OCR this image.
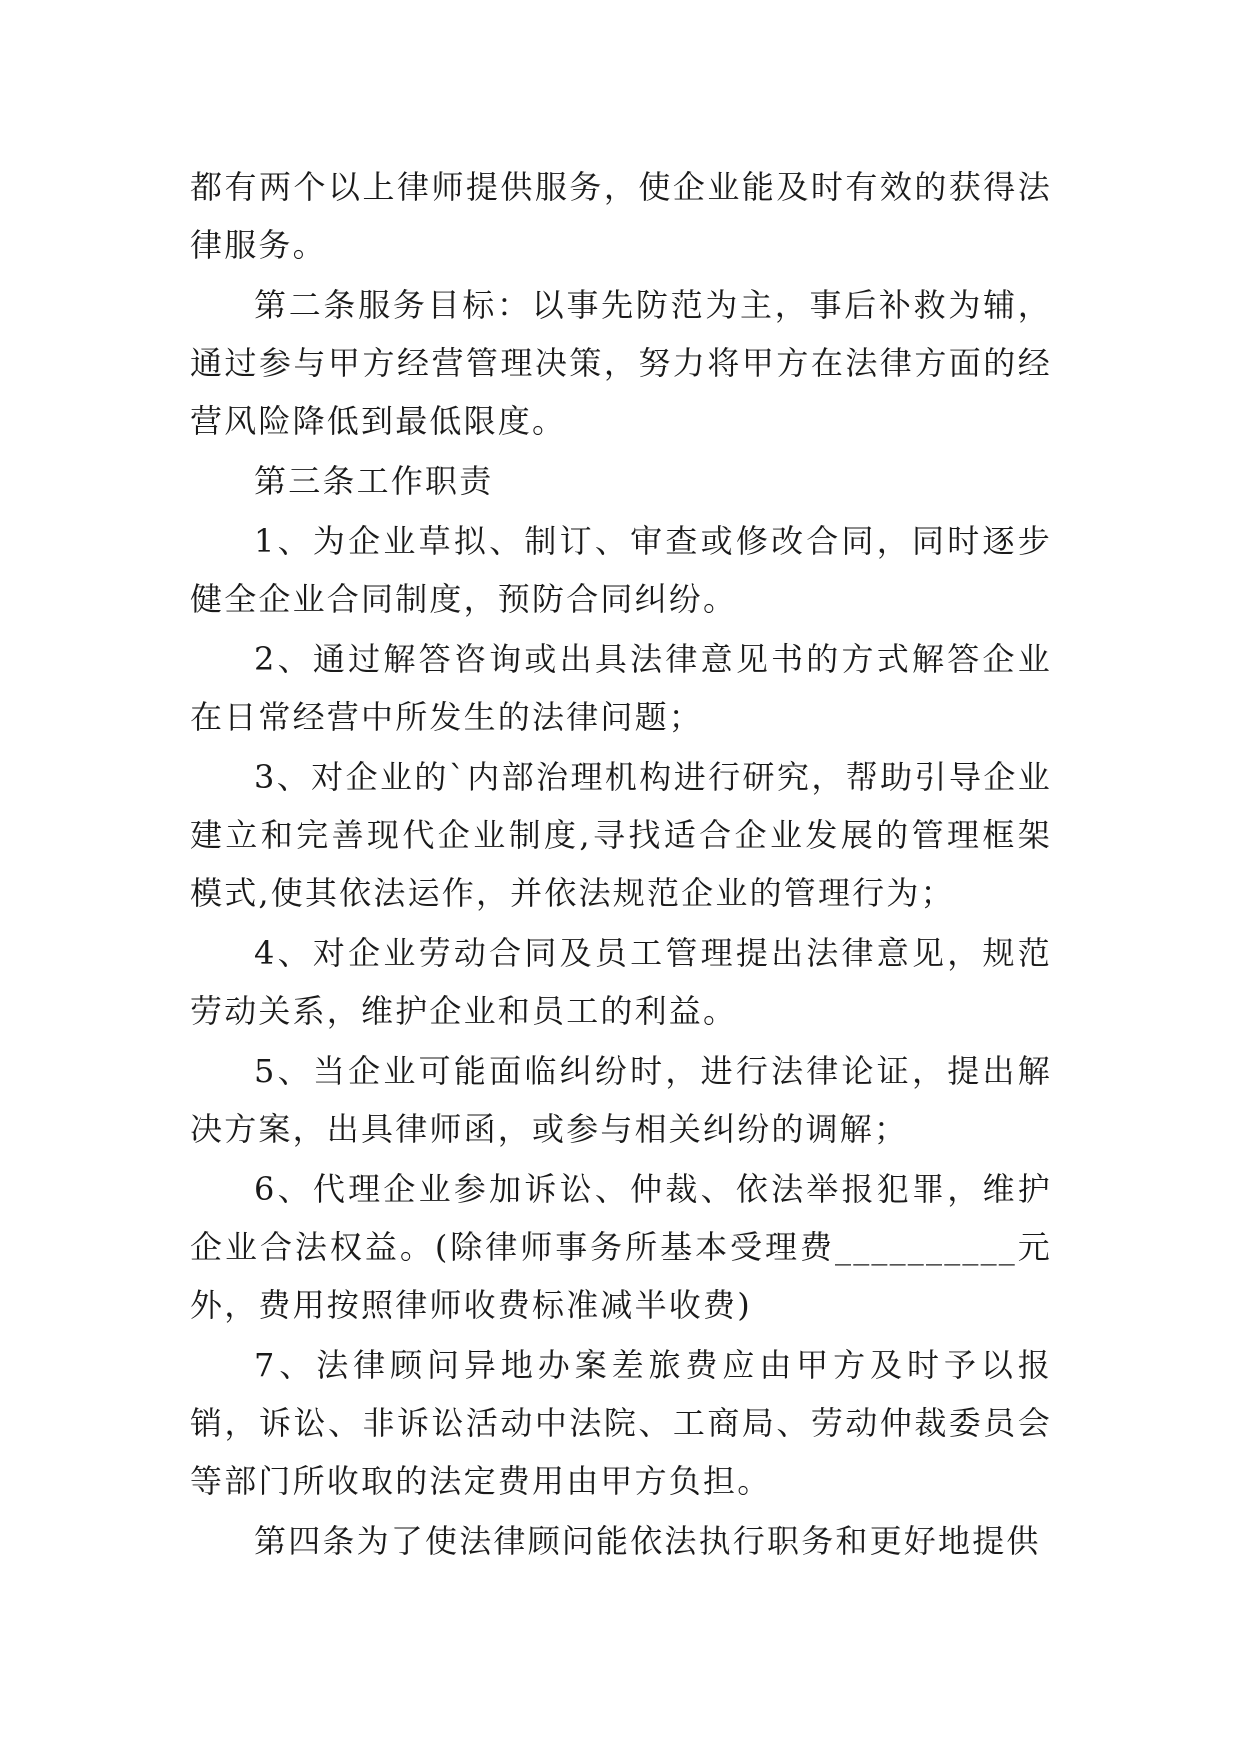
都有两个以上律师提供服务，使企业能及时有效的获得法律服务。

第二条服务目标：以事先防范为主，事后补救为辅，通过参与甲方经营管理决策，努力将甲方在法律方面的经营风险降低到最低限度。

第三条工作职责

1、为企业草拟、制订、审查或修改合同，同时逐步健全企业合同制度，预防合同纠纷。

2、通过解答咨询或出具法律意见书的方式解答企业在日常经营中所发生的法律问题；

3、对企业的`内部治理机构进行研究，帮助引导企业建立和完善现代企业制度,寻找适合企业发展的管理框架模式,使其依法运作，并依法规范企业的管理行为；

4、对企业劳动合同及员工管理提出法律意见，规范劳动关系，维护企业和员工的利益。

5、当企业可能面临纠纷时，进行法律论证，提出解决方案，出具律师函，或参与相关纠纷的调解；

6、代理企业参加诉讼、仲裁、依法举报犯罪，维护企业合法权益。(除律师事务所基本受理费__________元外，费用按照律师收费标准减半收费)

7、法律顾问异地办案差旅费应由甲方及时予以报销，诉讼、非诉讼活动中法院、工商局、劳动仲裁委员会等部门所收取的法定费用由甲方负担。

第四条为了使法律顾问能依法执行职务和更好地提供
